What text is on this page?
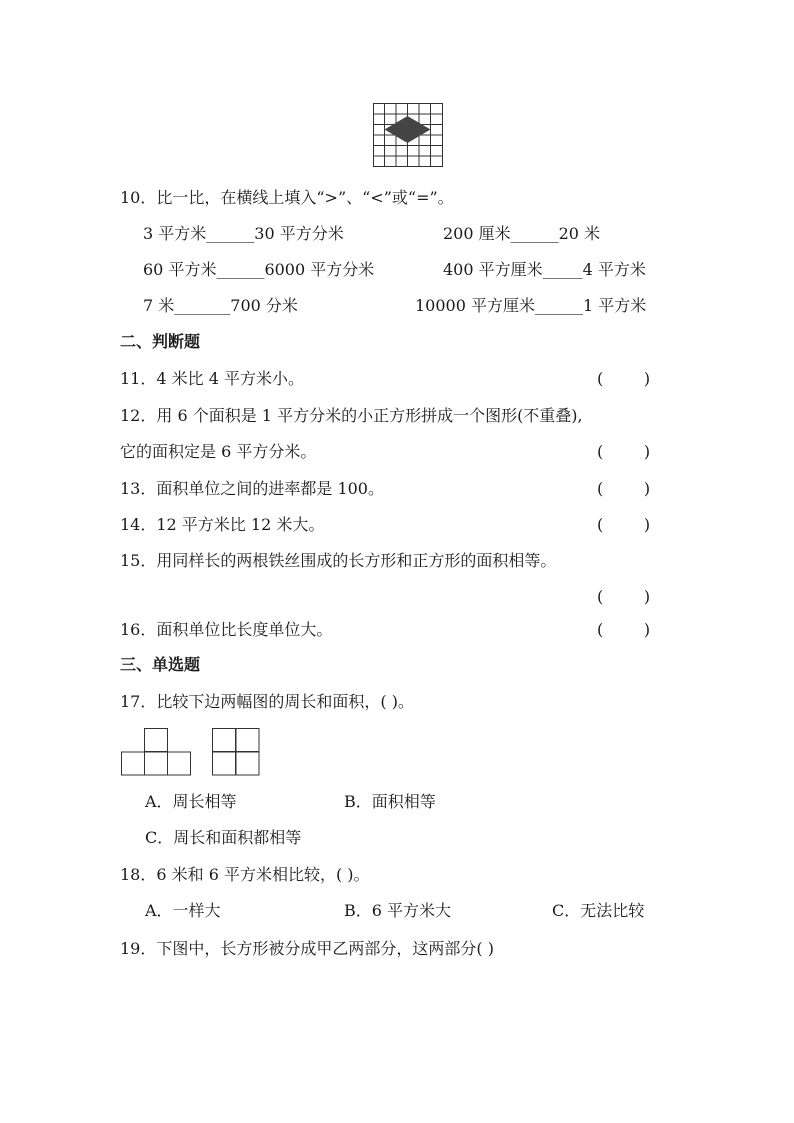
10．比一比，在横线上填入“>”、“<”或“=”。
3 平方米______30 平方分米	200 厘米______20 米
60 平方米______6000 平方分米	400 平方厘米_____4 平方米
7 米_______700 分米	10000 平方厘米______1 平方米
二、判断题
11．4 米比 4 平方米小。	(        )
12．用 6 个面积是 1 平方分米的小正方形拼成一个图形(不重叠),
它的面积定是 6 平方分米。	(        )
13．面积单位之间的进率都是 100。	(        )
14．12 平方米比 12 米大。	(        )
15．用同样长的两根铁丝围成的长方形和正方形的面积相等。
(        )
16．面积单位比长度单位大。	(        )
三、单选题
17．比较下边两幅图的周长和面积，( )。
A．周长相等	B．面积相等
C．周长和面积都相等
18．6 米和 6 平方米相比较，( )。
A．一样大	B．6 平方米大	C．无法比较
19．下图中，长方形被分成甲乙两部分，这两部分( )
